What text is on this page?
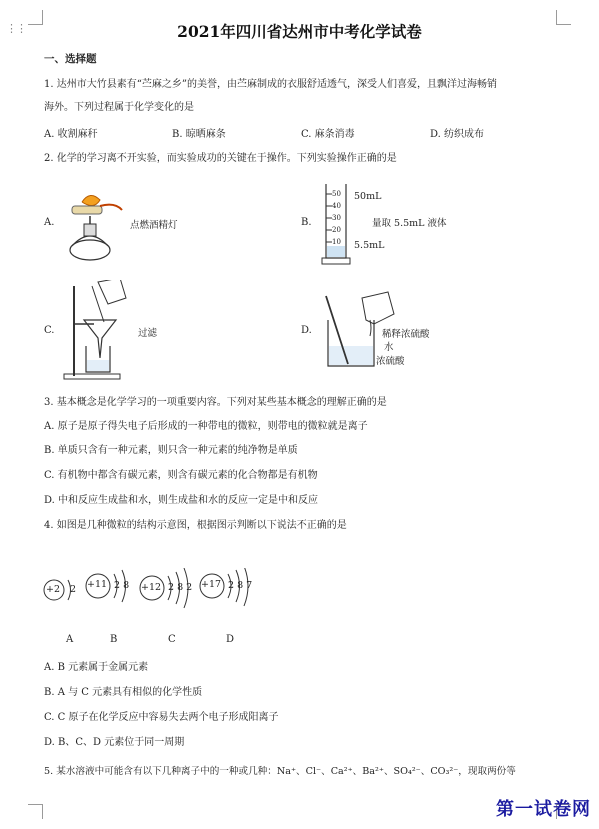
⋮⋮	2021年四川省达州市中考化学试卷
一、选择题
1. 达州市大竹县素有“苎麻之乡”的美誉，由苎麻制成的衣服舒适透气，深受人们喜爱，且飘洋过海畅销
海外。下列过程属于化学变化的是
A. 收割麻秆	B. 晾晒麻条	C. 麻条消毒	D. 纺织成布
2. 化学的学习离不开实验，而实验成功的关键在于操作。下列实验操作正确的是
A.	点燃酒精灯	B.
50
40
30
20
10
50mL
量取 5.5mL 液体
5.5mL
C.	过滤	D.	稀释浓硫酸
水
浓硫酸
3. 基本概念是化学学习的一项重要内容。下列对某些基本概念的理解正确的是
A. 原子是原子得失电子后形成的一种带电的微粒，则带电的微粒就是离子
B. 单质只含有一种元素，则只含一种元素的纯净物是单质
C. 有机物中都含有碳元素，则含有碳元素的化合物都是有机物
D. 中和反应生成盐和水，则生成盐和水的反应一定是中和反应
4. 如图是几种微粒的结构示意图，根据图示判断以下说法不正确的是
+2 2 +11 2 8 +12 2 8 2 +17 2 8 7
A	B	C	D
A. B 元素属于金属元素
B. A 与 C 元素具有相似的化学性质
C. C 原子在化学反应中容易失去两个电子形成阳离子
D. B、C、D 元素位于同一周期
5. 某水溶液中可能含有以下几种离子中的一种或几种：Na⁺、Cl⁻、Ca²⁺、Ba²⁺、SO₄²⁻、CO₃²⁻，现取两份等
第一试卷网
